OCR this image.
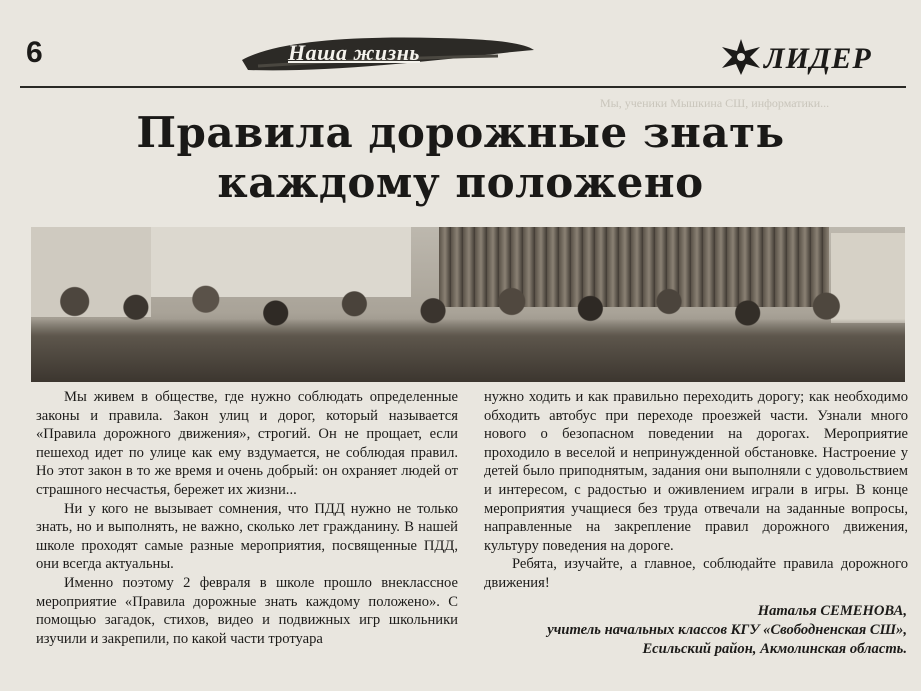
6	Наша жизнь	ЛИДЕР
Мы, ученики Мышкина СШ, информатики...
Правила дорожные знать
каждому положено

Мы живем в обществе, где нужно соблюдать определенные законы и правила. Закон улиц и дорог, который называется «Правила дорожного движения», строгий. Он не прощает, если пешеход идет по улице как ему вздумается, не соблюдая правил. Но этот закон в то же время и очень добрый: он охраняет людей от страшного несчастья, бережет их жизни...

Ни у кого не вызывает сомнения, что ПДД нужно не только знать, но и выполнять, не важно, сколько лет гражданину. В нашей школе проходят самые разные мероприятия, посвященные ПДД, они всегда актуальны.

Именно поэтому 2 февраля в школе прошло внеклассное мероприятие «Правила дорожные знать каждому положено». С помощью загадок, стихов, видео и подвижных игр школьники изучили и закрепили, по какой части тротуара

нужно ходить и как правильно переходить дорогу; как необходимо обходить автобус при переходе проезжей части. Узнали много нового о безопасном поведении на дорогах. Мероприятие проходило в веселой и непринужденной обстановке. Настроение у детей было приподнятым, задания они выполняли с удовольствием и интересом, с радостью и оживлением играли в игры. В конце мероприятия учащиеся без труда отвечали на заданные вопросы, направленные на закрепление правил дорожного движения, культуру поведения на дороге.

Ребята, изучайте, а главное, соблюдайте правила дорожного движения!

Наталья СЕМЕНОВА,
учитель начальных классов КГУ «Свободненская СШ»,
Есильский район, Акмолинская область.
